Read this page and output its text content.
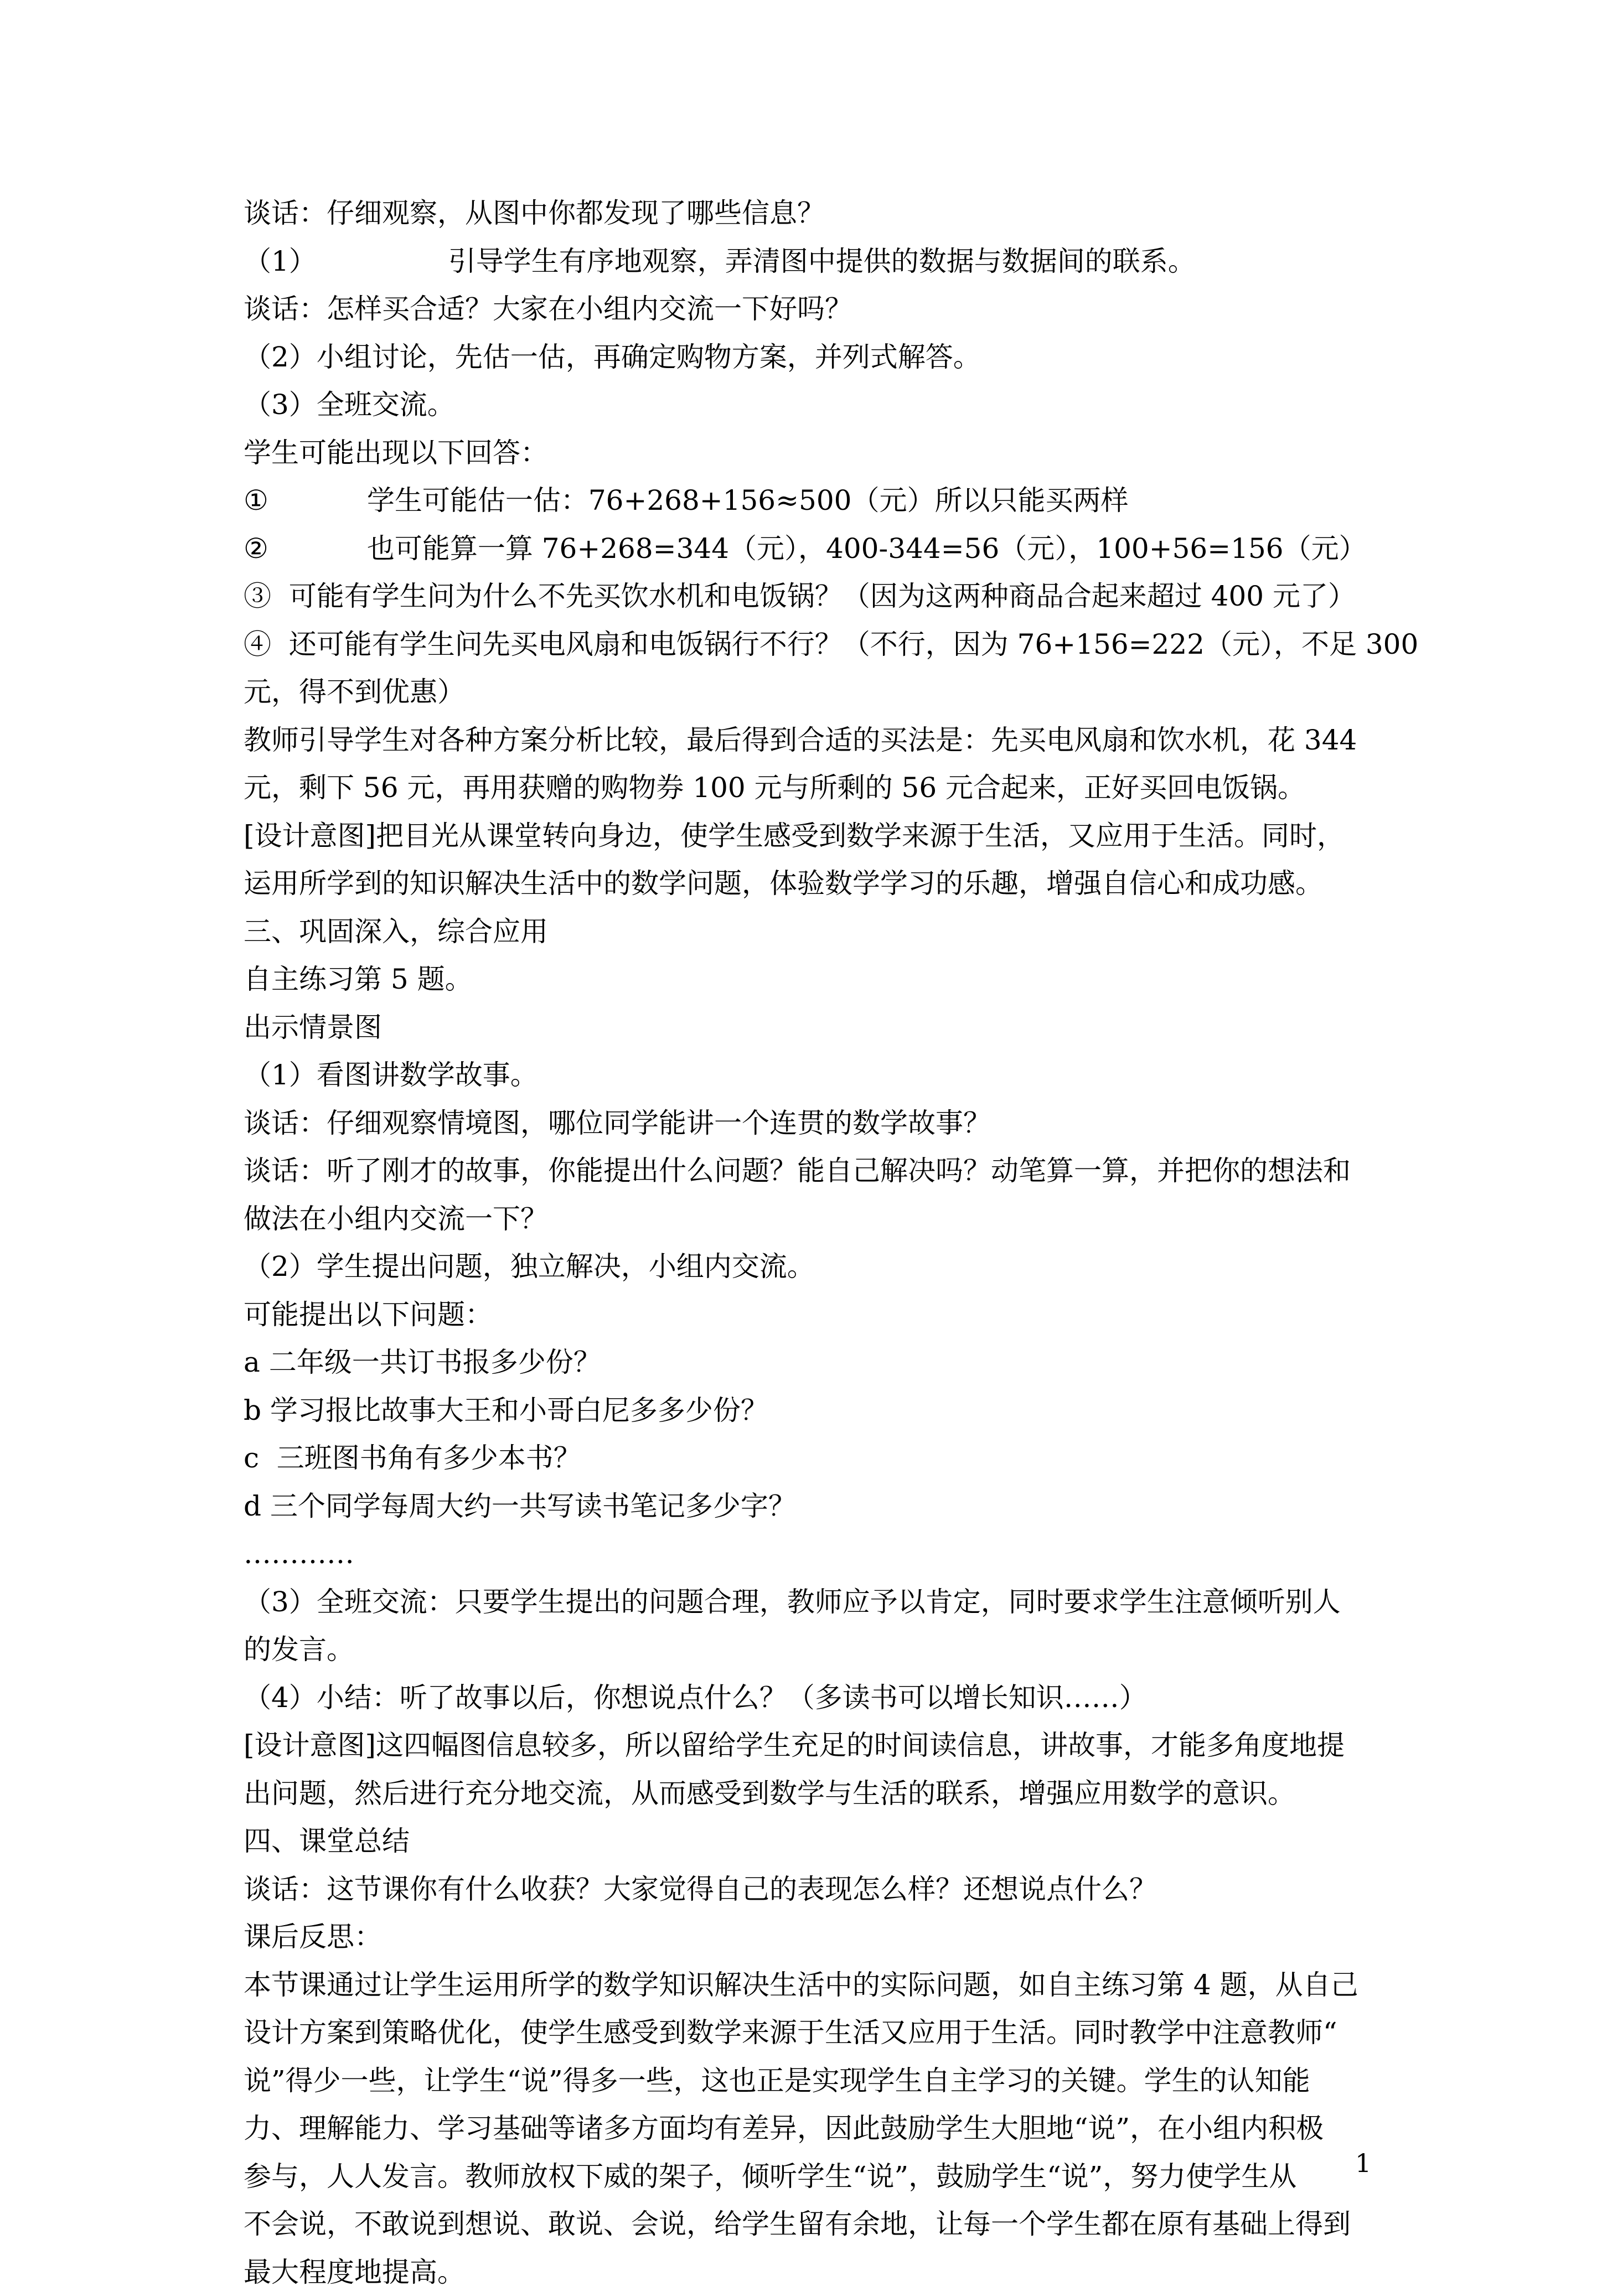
谈话：仔细观察，从图中你都发现了哪些信息？
（1）	引导学生有序地观察，弄清图中提供的数据与数据间的联系。
谈话：怎样买合适？大家在小组内交流一下好吗？
（2）小组讨论，先估一估，再确定购物方案，并列式解答。
（3）全班交流。
学生可能出现以下回答：
①	学生可能估一估：76+268+156≈500（元）所以只能买两样
②	也可能算一算 76+268=344（元），400-344=56（元），100+56=156（元）
③  可能有学生问为什么不先买饮水机和电饭锅？（因为这两种商品合起来超过 400 元了）
④  还可能有学生问先买电风扇和电饭锅行不行？（不行，因为 76+156=222（元），不足 300
元，得不到优惠）
教师引导学生对各种方案分析比较，最后得到合适的买法是：先买电风扇和饮水机，花 344
元，剩下 56 元，再用获赠的购物券 100 元与所剩的 56 元合起来，正好买回电饭锅。
[设计意图]把目光从课堂转向身边，使学生感受到数学来源于生活，又应用于生活。同时，
运用所学到的知识解决生活中的数学问题，体验数学学习的乐趣，增强自信心和成功感。
三、巩固深入，综合应用
自主练习第 5 题。
出示情景图
（1）看图讲数学故事。
谈话：仔细观察情境图，哪位同学能讲一个连贯的数学故事？
谈话：听了刚才的故事，你能提出什么问题？能自己解决吗？动笔算一算，并把你的想法和
做法在小组内交流一下？
（2）学生提出问题，独立解决，小组内交流。
可能提出以下问题：
a 二年级一共订书报多少份？
b 学习报比故事大王和小哥白尼多多少份？
c  三班图书角有多少本书？
d 三个同学每周大约一共写读书笔记多少字？
…………
（3）全班交流：只要学生提出的问题合理，教师应予以肯定，同时要求学生注意倾听别人
的发言。
（4）小结：听了故事以后，你想说点什么？（多读书可以增长知识……）
[设计意图]这四幅图信息较多，所以留给学生充足的时间读信息，讲故事，才能多角度地提
出问题，然后进行充分地交流，从而感受到数学与生活的联系，增强应用数学的意识。
四、课堂总结
谈话：这节课你有什么收获？大家觉得自己的表现怎么样？还想说点什么？
课后反思：
本节课通过让学生运用所学的数学知识解决生活中的实际问题，如自主练习第 4 题，从自己
设计方案到策略优化，使学生感受到数学来源于生活又应用于生活。同时教学中注意教师“
说”得少一些，让学生“说”得多一些，这也正是实现学生自主学习的关键。学生的认知能
力、理解能力、学习基础等诸多方面均有差异，因此鼓励学生大胆地“说”，在小组内积极
参与，人人发言。教师放权下威的架子，倾听学生“说”，鼓励学生“说”，努力使学生从
不会说，不敢说到想说、敢说、会说，给学生留有余地，让每一个学生都在原有基础上得到
最大程度地提高。
1
